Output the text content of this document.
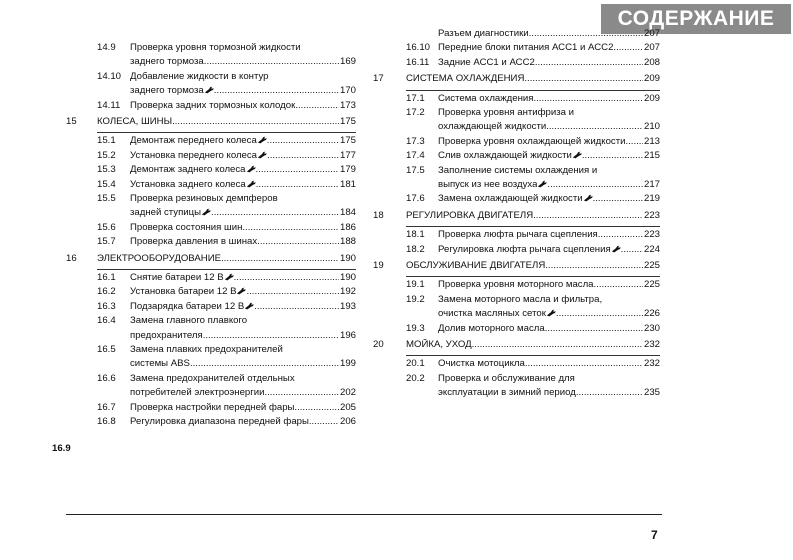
СОДЕРЖАНИЕ
14.9 Проверка уровня тормозной жидкости
заднего тормоза .....	169
14.10 Добавление жидкости в контур
заднего тормоза .....	170
14.11 Проверка задних тормозных колодок .....	173
15 КОЛЕСА, ШИНЫ .....	175
15.1 Демонтаж переднего колеса .....	175
15.2 Установка переднего колеса .....	177
15.3 Демонтаж заднего колеса .....	179
15.4 Установка заднего колеса .....	181
15.5 Проверка резиновых демпферов
задней ступицы .....	184
15.6 Проверка состояния шин .....	186
15.7 Проверка давления в шинах .....	188
16 ЭЛЕКТРООБОРУДОВАНИЕ .....	190
16.1 Снятие батареи 12 В .....	190
16.2 Установка батареи 12 В .....	192
16.3 Подзарядка батареи 12 В .....	193
16.4 Замена главного плавкого
предохранителя .....	196
16.5 Замена плавких предохранителей
системы ABS .....	199
16.6 Замена предохранителей отдельных
потребителей электроэнергии .....	202
16.7 Проверка настройки передней фары .....	205
16.8 Регулировка диапазона передней фары .....	206
Разъем диагностики .....	207
16.10 Передние блоки питания АСС1 и АСС2 .....	207
16.11 Задние АСС1 и АСС2 .....	208
17 СИСТЕМА ОХЛАЖДЕНИЯ .....	209
17.1 Система охлаждения .....	209
17.2 Проверка уровня антифриза и
охлаждающей жидкости .....	210
17.3 Проверка уровня охлаждающей жидкости ..... 213
17.4 Слив охлаждающей жидкости .....	215
17.5 Заполнение системы охлаждения и
выпуск из нее воздуха .....	217
17.6 Замена охлаждающей жидкости .....	219
18 РЕГУЛИРОВКА ДВИГАТЕЛЯ .....	223
18.1 Проверка люфта рычага сцепления .....	223
18.2 Регулировка люфта рычага сцепления .....	224
19 ОБСЛУЖИВАНИЕ ДВИГАТЕЛЯ .....	225
19.1 Проверка уровня моторного масла .....	225
19.2 Замена моторного масла и фильтра,
очистка масляных сеток .....	226
19.3 Долив моторного масла .....	230
20 МОЙКА, УХОД .....	232
20.1 Очистка мотоцикла .....	232
20.2 Проверка и обслуживание для
эксплуатации в зимний период .....	235
16.9
7
